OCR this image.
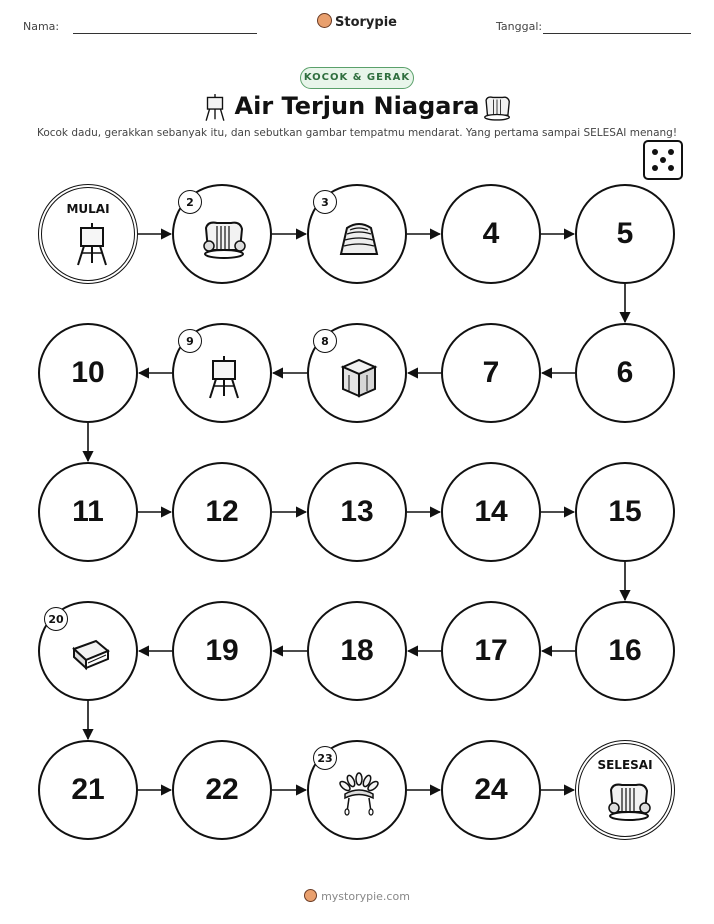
Nama:	Storypie	Tanggal:
KOCOK & GERAK
Air Terjun Niagara
Kocok dadu, gerakkan sebanyak itu, dan sebutkan gambar tempatmu mendarat. Yang pertama sampai SELESAI menang!
MULAI	2	3
4	5
6
7
8
9
10
11	12	13	14	15
16
17
18
19
20
21	22
23
24
SELESAI
mystorypie.com
